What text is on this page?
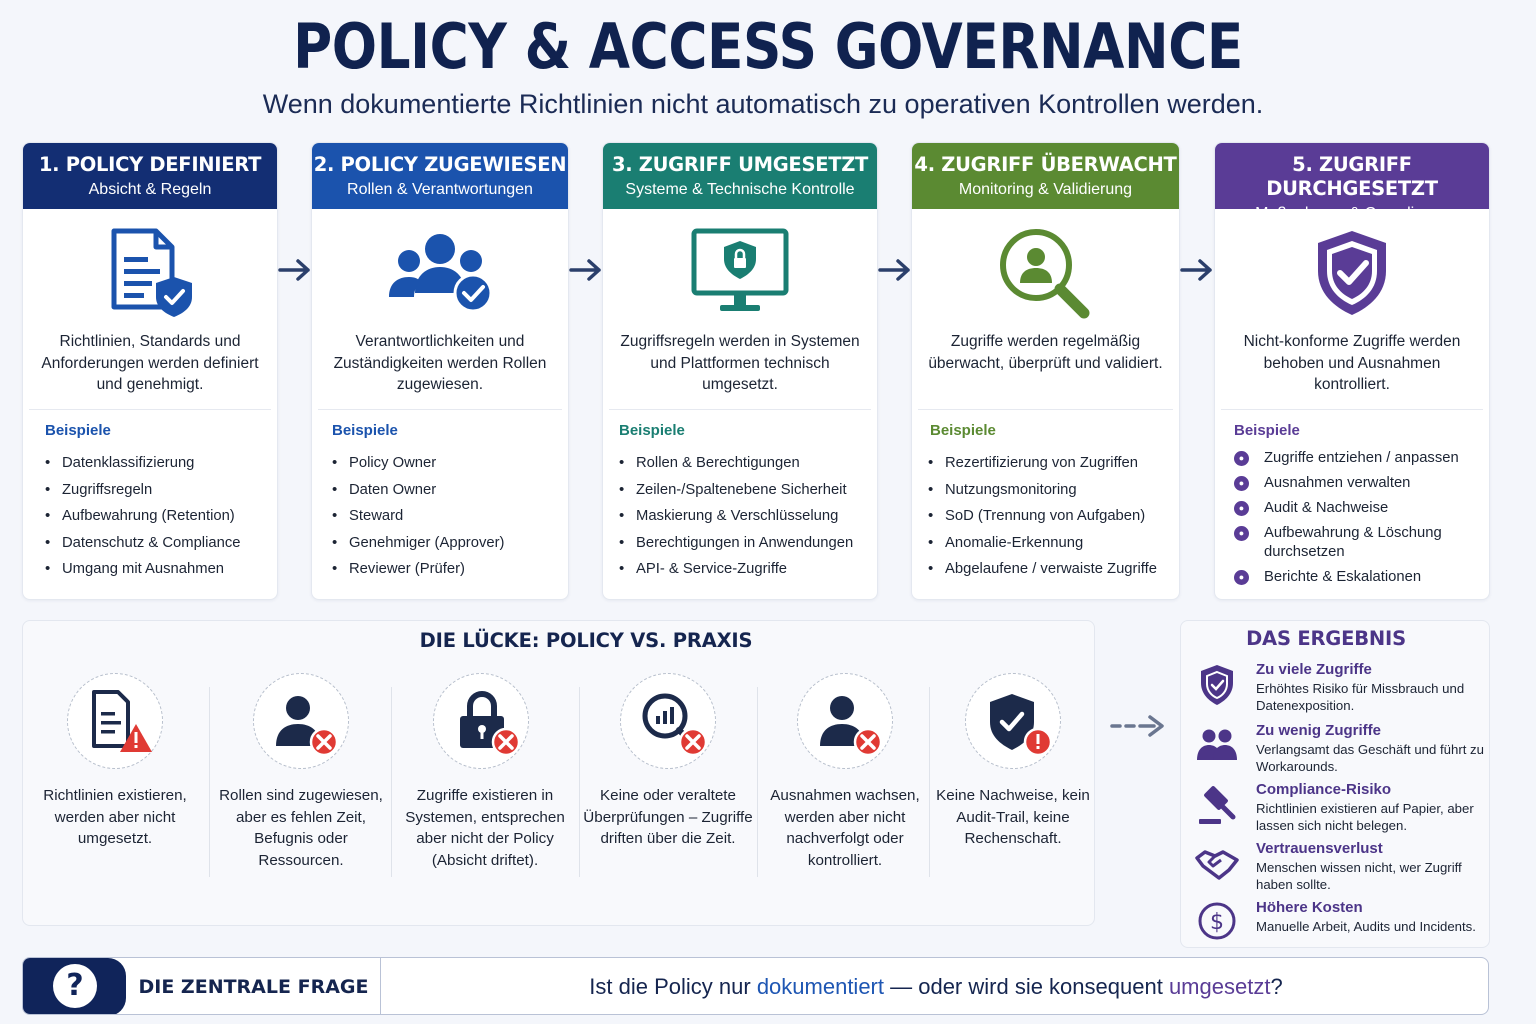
POLICY & ACCESS GOVERNANCE
Wenn dokumentierte Richtlinien nicht automatisch zu operativen Kontrollen werden.
1. POLICY DEFINIERT
Absicht & Regeln
Richtlinien, Standards und Anforderungen werden definiert und genehmigt.
Beispiele
• Datenklassifizierung
• Zugriffsregeln
• Aufbewahrung (Retention)
• Datenschutz & Compliance
• Umgang mit Ausnahmen
2. POLICY ZUGEWIESEN
Rollen & Verantwortungen
Verantwortlichkeiten und Zuständigkeiten werden Rollen zugewiesen.
Beispiele
• Policy Owner
• Daten Owner
• Steward
• Genehmiger (Approver)
• Reviewer (Prüfer)
3. ZUGRIFF UMGESETZT
Systeme & Technische Kontrolle
Zugriffsregeln werden in Systemen und Plattformen technisch umgesetzt.
Beispiele
• Rollen & Berechtigungen
• Zeilen-/Spaltenebene Sicherheit
• Maskierung & Verschlüsselung
• Berechtigungen in Anwendungen
• API- & Service-Zugriffe
4. ZUGRIFF ÜBERWACHT
Monitoring & Validierung
Zugriffe werden regelmäßig überwacht, überprüft und validiert.
Beispiele
• Rezertifizierung von Zugriffen
• Nutzungsmonitoring
• SoD (Trennung von Aufgaben)
• Anomalie-Erkennung
• Abgelaufene / verwaiste Zugriffe
5. ZUGRIFF DURCHGESETZT
Maßnahmen & Compliance
Nicht-konforme Zugriffe werden behoben und Ausnahmen kontrolliert.
Beispiele
●	Zugriffe entziehen / anpassen
●	Ausnahmen verwalten
●	Audit & Nachweise
●	Aufbewahrung & Löschung durchsetzen
●	Berichte & Eskalationen
DIE LÜCKE: POLICY VS. PRAXIS
Richtlinien existieren, werden aber nicht umgesetzt.
Rollen sind zugewiesen, aber es fehlen Zeit, Befugnis oder Ressourcen.
Zugriffe existieren in Systemen, entsprechen aber nicht der Policy (Absicht driftet).
Keine oder veraltete Überprüfungen – Zugriffe driften über die Zeit.
Ausnahmen wachsen, werden aber nicht nachverfolgt oder kontrolliert.
Keine Nachweise, kein Audit-Trail, keine Rechenschaft.
DAS ERGEBNIS
Zu viele Zugriffe
Erhöhtes Risiko für Missbrauch und Datenexposition.
Zu wenig Zugriffe
Verlangsamt das Geschäft und führt zu Workarounds.
Compliance-Risiko
Richtlinien existieren auf Papier, aber lassen sich nicht belegen.
Vertrauensverlust
Menschen wissen nicht, wer Zugriff haben sollte.
$
Höhere Kosten
Manuelle Arbeit, Audits und Incidents.
?	DIE ZENTRALE FRAGE	Ist die Policy nur dokumentiert — oder wird sie konsequent umgesetzt?
